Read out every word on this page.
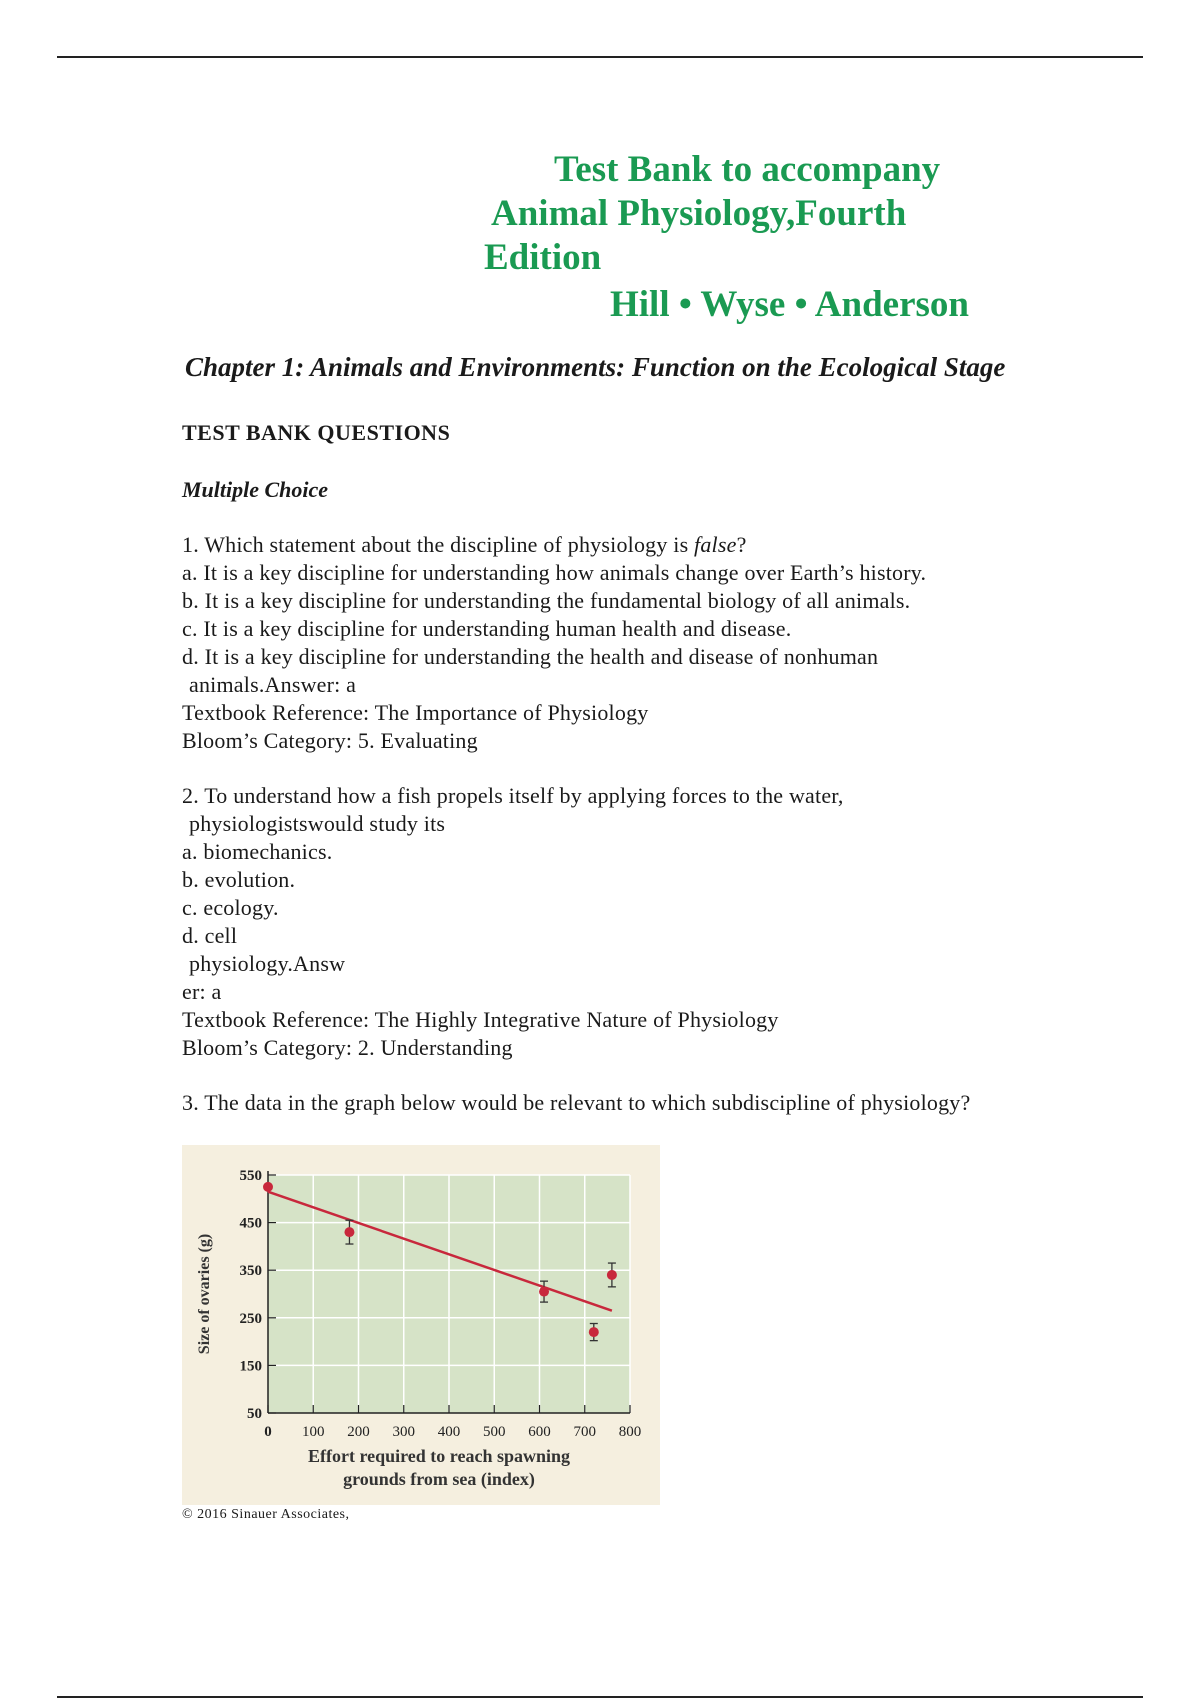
Test Bank to accompany
Animal Physiology,Fourth
Edition
Hill • Wyse • Anderson
Chapter 1: Animals and Environments: Function on the Ecological Stage
TEST BANK QUESTIONS
Multiple Choice
1. Which statement about the discipline of physiology is false?
a. It is a key discipline for understanding how animals change over Earth’s history.
b. It is a key discipline for understanding the fundamental biology of all animals.
c. It is a key discipline for understanding human health and disease.
d. It is a key discipline for understanding the health and disease of nonhuman
animals.Answer: a
Textbook Reference: The Importance of Physiology
Bloom’s Category: 5. Evaluating
2. To understand how a fish propels itself by applying forces to the water,
physiologistswould study its
a. biomechanics.
b. evolution.
c. ecology.
d. cell
physiology.Answ
er: a
Textbook Reference: The Highly Integrative Nature of Physiology
Bloom’s Category: 2. Understanding
3. The data in the graph below would be relevant to which subdiscipline of physiology?
50
150
250
350
450
550
0 100 200 300 400 500 600 700 800
Size of ovaries (g)
Effort required to reach spawning
grounds from sea (index)
© 2016 Sinauer Associates,
